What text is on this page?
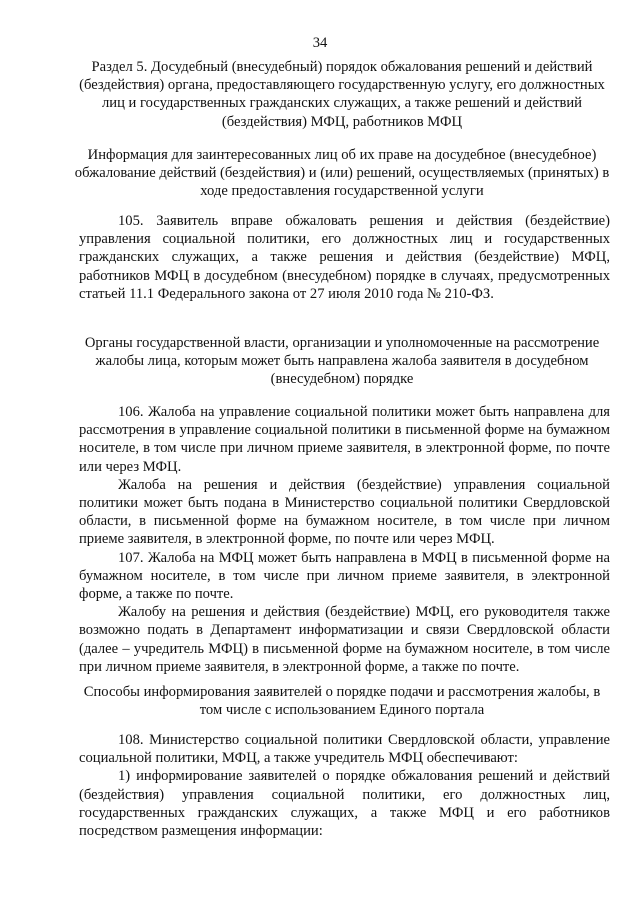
34
Раздел 5. Досудебный (внесудебный) порядок обжалования решений и действий (бездействия) органа, предоставляющего государственную услугу, его должностных лиц и государственных гражданских служащих, а также решений и действий (бездействия) МФЦ, работников МФЦ
Информация для заинтересованных лиц об их праве на досудебное (внесудебное) обжалование действий (бездействия) и (или) решений, осуществляемых (принятых) в ходе предоставления государственной услуги

105. Заявитель вправе обжаловать решения и действия (бездействие) управления социальной политики, его должностных лиц и государственных гражданских служащих, а также решения и действия (бездействие) МФЦ, работников МФЦ в досудебном (внесудебном) порядке в случаях, предусмотренных статьей 11.1 Федерального закона от 27 июля 2010 года № 210-ФЗ.

Органы государственной власти, организации и уполномоченные на рассмотрение жалобы лица, которым может быть направлена жалоба заявителя в досудебном (внесудебном) порядке

106. Жалоба на управление социальной политики может быть направлена для рассмотрения в управление социальной политики в письменной форме на бумажном носителе, в том числе при личном приеме заявителя, в электронной форме, по почте или через МФЦ.

Жалоба на решения и действия (бездействие) управления социальной политики может быть подана в Министерство социальной политики Свердловской области, в письменной форме на бумажном носителе, в том числе при личном приеме заявителя, в электронной форме, по почте или через МФЦ.

107. Жалоба на МФЦ может быть направлена в МФЦ в письменной форме на бумажном носителе, в том числе при личном приеме заявителя, в электронной форме, а также по почте.

Жалобу на решения и действия (бездействие) МФЦ, его руководителя также возможно подать в Департамент информатизации и связи Свердловской области (далее – учредитель МФЦ) в письменной форме на бумажном носителе, в том числе при личном приеме заявителя, в электронной форме, а также по почте.

Способы информирования заявителей о порядке подачи и рассмотрения жалобы, в том числе с использованием Единого портала

108. Министерство социальной политики Свердловской области, управление социальной политики, МФЦ, а также учредитель МФЦ обеспечивают:

1) информирование заявителей о порядке обжалования решений и действий (бездействия) управления социальной политики, его должностных лиц, государственных гражданских служащих, а также МФЦ и его работников посредством размещения информации:
